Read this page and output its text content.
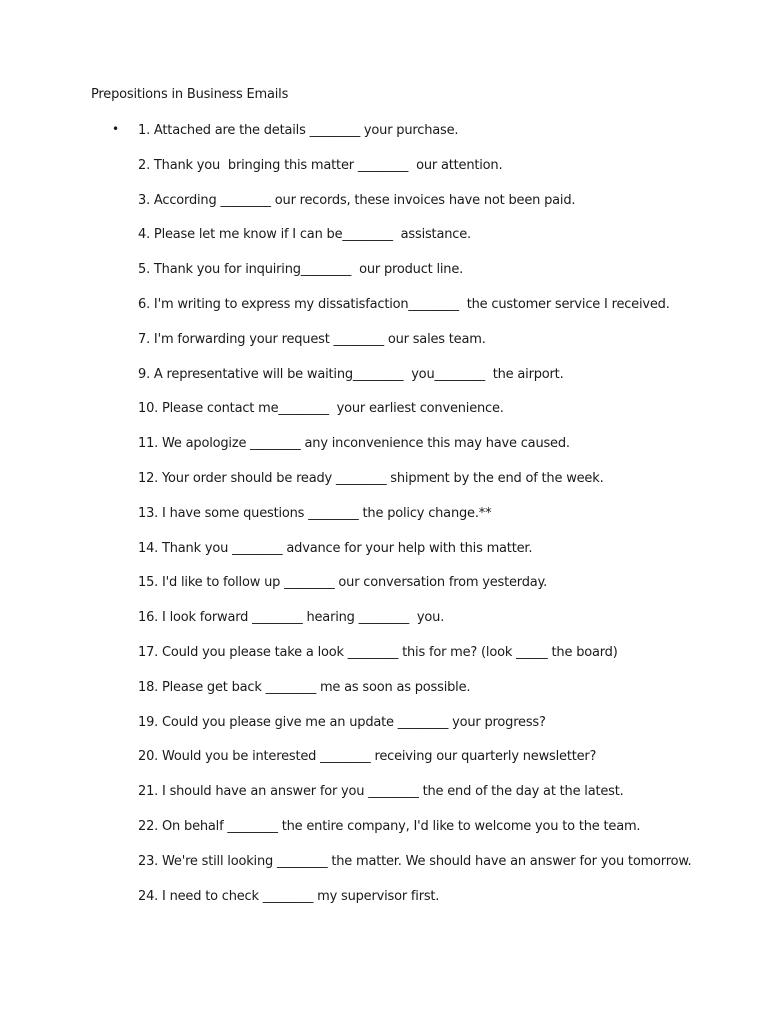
Prepositions in Business Emails
• 1. Attached are the details ________ your purchase.
2. Thank you  bringing this matter ________  our attention.
3. According ________ our records, these invoices have not been paid.
4. Please let me know if I can be________  assistance.
5. Thank you for inquiring________  our product line.
6. I'm writing to express my dissatisfaction________  the customer service I received.
7. I'm forwarding your request ________ our sales team.
9. A representative will be waiting________  you________  the airport.
10. Please contact me________  your earliest convenience.
11. We apologize ________ any inconvenience this may have caused.
12. Your order should be ready ________ shipment by the end of the week.
13. I have some questions ________ the policy change.**
14. Thank you ________ advance for your help with this matter.
15. I'd like to follow up ________ our conversation from yesterday.
16. I look forward ________ hearing ________  you.
17. Could you please take a look ________ this for me? (look _____ the board)
18. Please get back ________ me as soon as possible.
19. Could you please give me an update ________ your progress?
20. Would you be interested ________ receiving our quarterly newsletter?
21. I should have an answer for you ________ the end of the day at the latest.
22. On behalf ________ the entire company, I'd like to welcome you to the team.
23. We're still looking ________ the matter. We should have an answer for you tomorrow.
24. I need to check ________ my supervisor first.
